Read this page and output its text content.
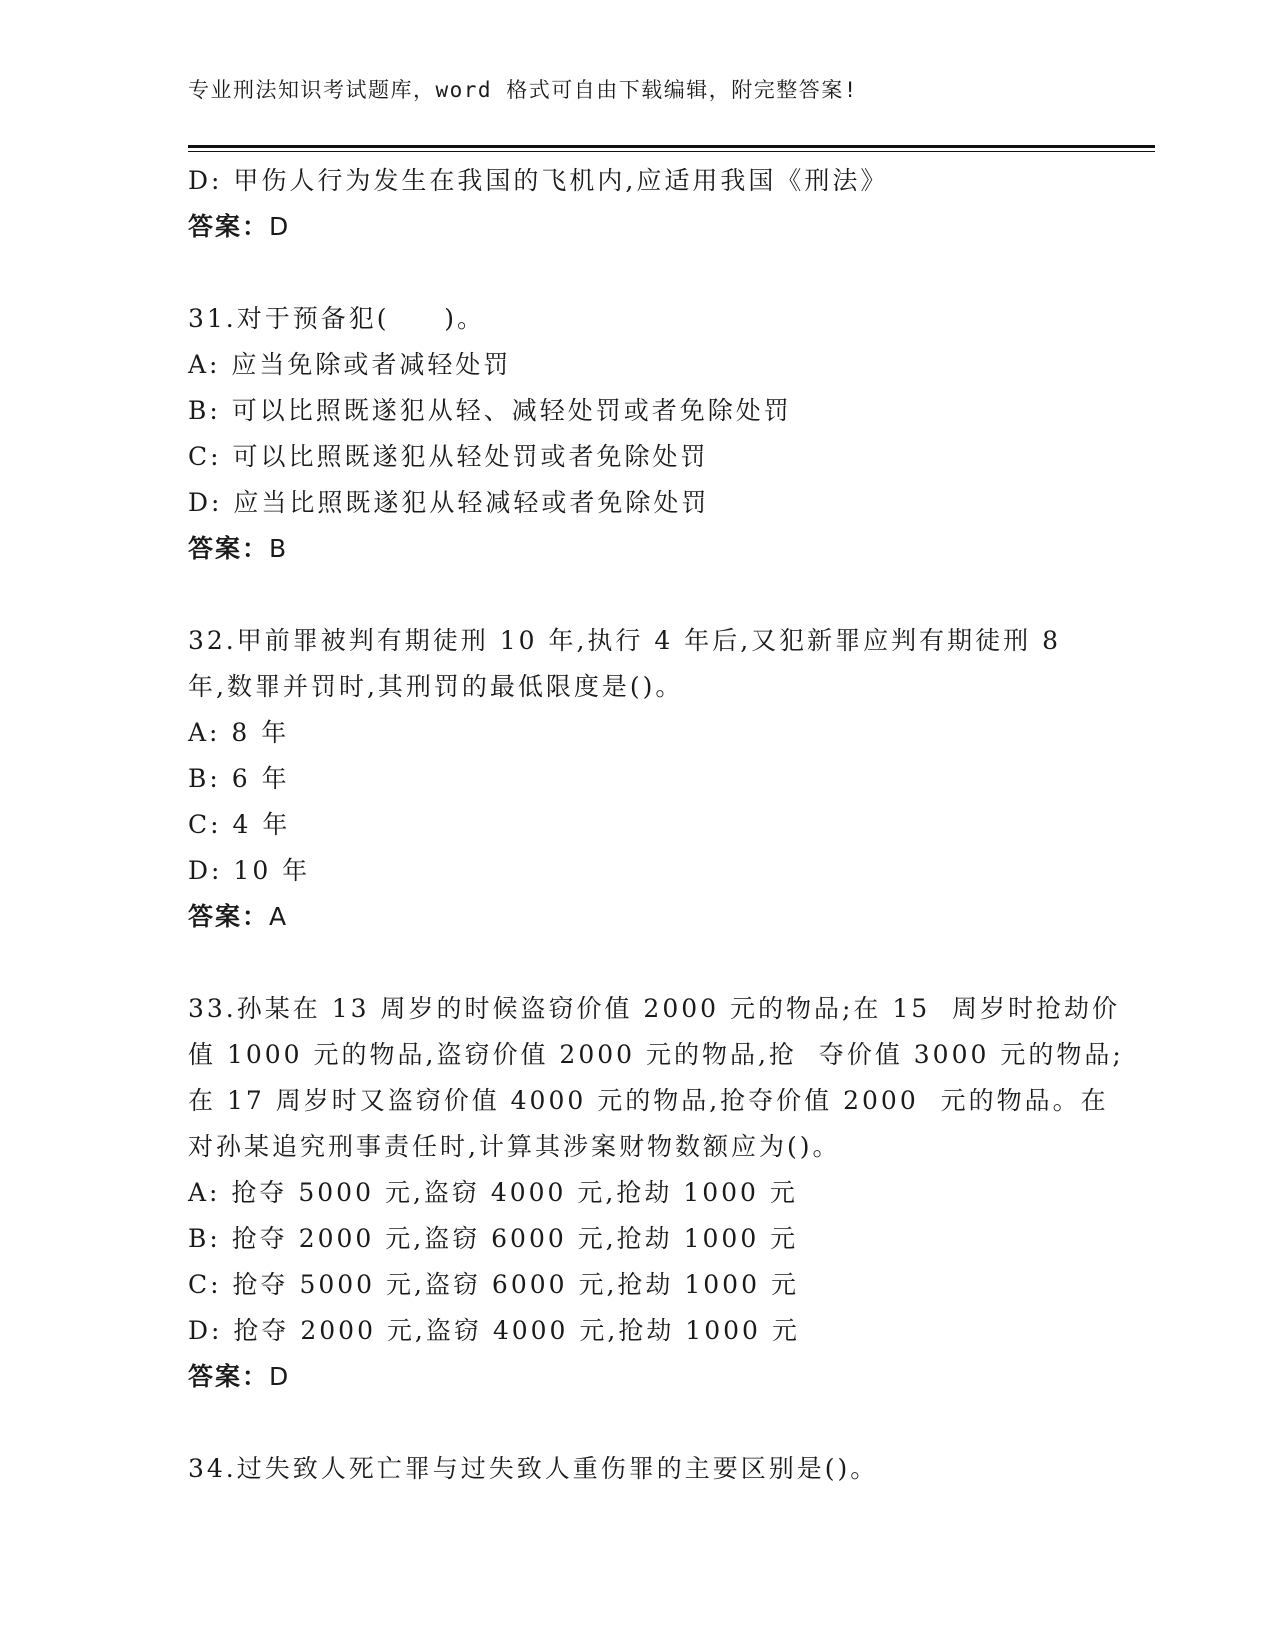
专业刑法知识考试题库，word 格式可自由下载编辑，附完整答案!
D: 甲伤人行为发生在我国的飞机内,应适用我国《刑法》
答案：D
31.对于预备犯(     )。
A: 应当免除或者减轻处罚
B: 可以比照既遂犯从轻、减轻处罚或者免除处罚
C: 可以比照既遂犯从轻处罚或者免除处罚
D: 应当比照既遂犯从轻减轻或者免除处罚
答案：B
32.甲前罪被判有期徒刑 10 年,执行 4 年后,又犯新罪应判有期徒刑 8
年,数罪并罚时,其刑罚的最低限度是()。
A: 8 年
B: 6 年
C: 4 年
D: 10 年
答案：A
33.孙某在 13 周岁的时候盗窃价值 2000 元的物品;在 15  周岁时抢劫价
值 1000 元的物品,盗窃价值 2000 元的物品,抢  夺价值 3000 元的物品;
在 17 周岁时又盗窃价值 4000 元的物品,抢夺价值 2000  元的物品。在
对孙某追究刑事责任时,计算其涉案财物数额应为()。
A: 抢夺 5000 元,盗窃 4000 元,抢劫 1000 元
B: 抢夺 2000 元,盗窃 6000 元,抢劫 1000 元
C: 抢夺 5000 元,盗窃 6000 元,抢劫 1000 元
D: 抢夺 2000 元,盗窃 4000 元,抢劫 1000 元
答案：D
34.过失致人死亡罪与过失致人重伤罪的主要区别是()。
